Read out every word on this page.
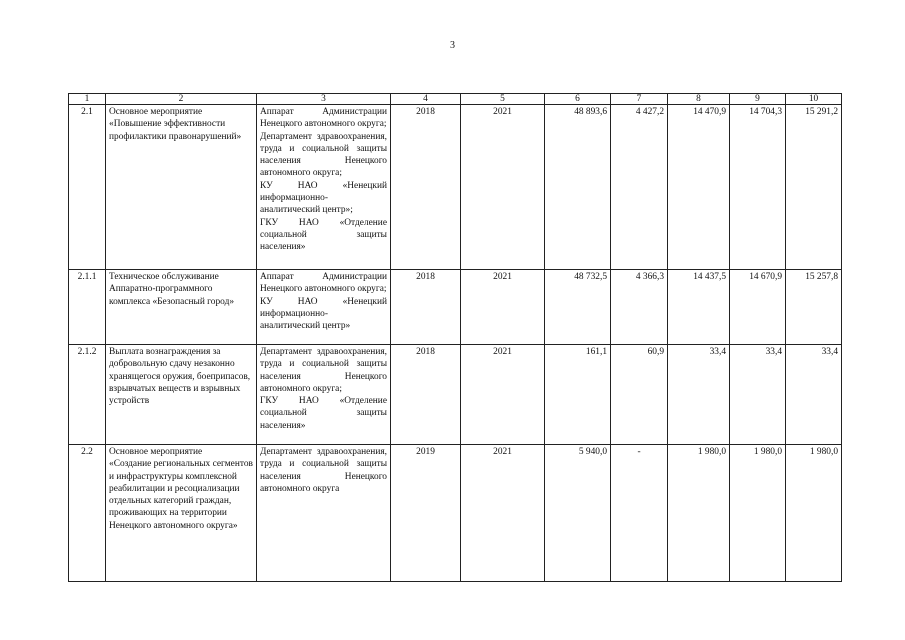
3
1	2	3	4	5	6	7	8	9	10
2.1	Основное мероприятие
«Повышение эффективности профилактики правонарушений»	Аппарат Администрации Ненецкого автономного округа;
Департамент здравоохранения, труда и социальной защиты населения Ненецкого автономного округа;
КУ НАО «Ненецкий информационно-аналитический центр»;
ГКУ НАО «Отделение социальной защиты населения»	2018	2021	48 893,6	4 427,2	14 470,9	14 704,3	15 291,2
2.1.1	Техническое обслуживание Аппаратно-программного комплекса «Безопасный город»	Аппарат Администрации Ненецкого автономного округа;
КУ НАО «Ненецкий информационно-аналитический центр»	2018	2021	48 732,5	4 366,3	14 437,5	14 670,9	15 257,8
2.1.2	Выплата вознаграждения за добровольную сдачу незаконно хранящегося оружия, боеприпасов, взрывчатых веществ и взрывных устройств	Департамент здравоохранения, труда и социальной защиты населения Ненецкого автономного округа;
ГКУ НАО «Отделение социальной защиты населения»	2018	2021	161,1	60,9	33,4	33,4	33,4
2.2	Основное мероприятие
«Создание региональных сегментов и инфраструктуры комплексной реабилитации и ресоциализации отдельных категорий граждан, проживающих на территории Ненецкого автономного округа»	Департамент здравоохранения, труда и социальной защиты населения Ненецкого автономного округа	2019	2021	5 940,0	-	1 980,0	1 980,0	1 980,0
